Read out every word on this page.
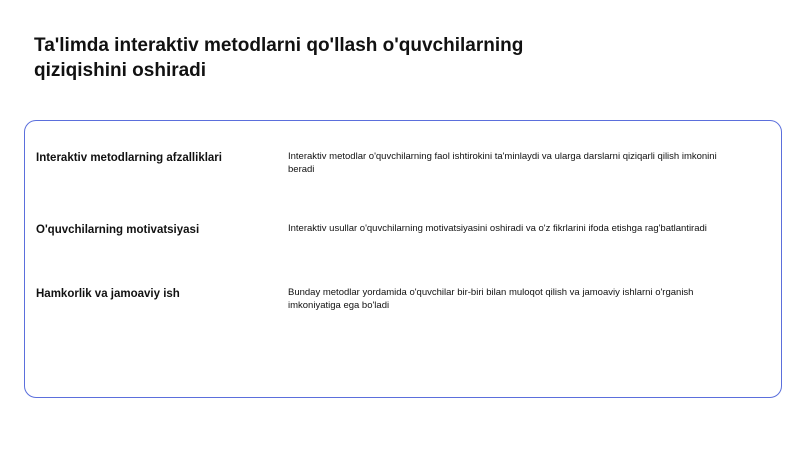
Ta'limda interaktiv metodlarni qo'llash o'quvchilarning qiziqishini oshiradi
Interaktiv metodlarning afzalliklari	Interaktiv metodlar o'quvchilarning faol ishtirokini ta'minlaydi va ularga darslarni qiziqarli qilish imkonini beradi
O'quvchilarning motivatsiyasi	Interaktiv usullar o'quvchilarning motivatsiyasini oshiradi va o'z fikrlarini ifoda etishga rag'batlantiradi
Hamkorlik va jamoaviy ish	Bunday metodlar yordamida o'quvchilar bir-biri bilan muloqot qilish va jamoaviy ishlarni o'rganish imkoniyatiga ega bo'ladi
